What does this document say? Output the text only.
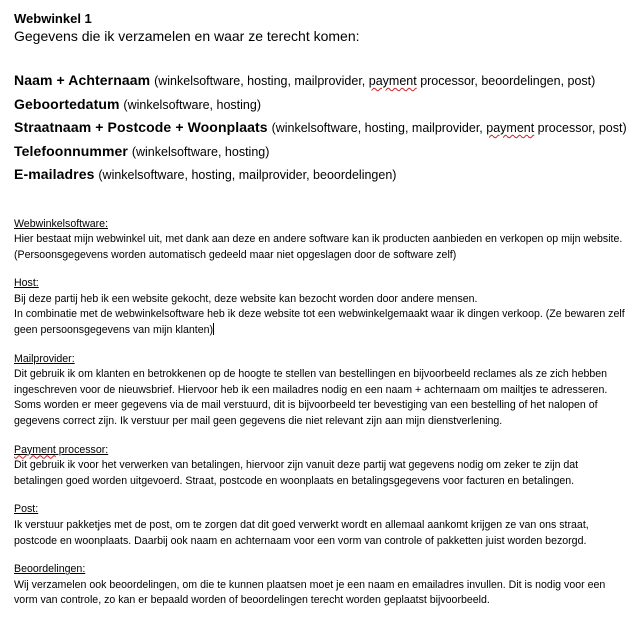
Webwinkel 1

Gegevens die ik verzamelen en waar ze terecht komen:

Naam + Achternaam (winkelsoftware, hosting, mailprovider, payment processor, beoordelingen, post)
Geboortedatum (winkelsoftware, hosting)
Straatnaam + Postcode + Woonplaats (winkelsoftware, hosting, mailprovider, payment processor, post)
Telefoonnummer (winkelsoftware, hosting)
E-mailadres (winkelsoftware, hosting, mailprovider, beoordelingen)
Webwinkelsoftware:

Hier bestaat mijn webwinkel uit, met dank aan deze en andere software kan ik producten aanbieden en verkopen op mijn website. (Persoonsgegevens worden automatisch gedeeld maar niet opgeslagen door de software zelf)

Host:

Bij deze partij heb ik een website gekocht, deze website kan bezocht worden door andere mensen.

In combinatie met de webwinkelsoftware heb ik deze website tot een webwinkelgemaakt waar ik dingen verkoop. (Ze bewaren zelf geen persoonsgegevens van mijn klanten)

Mailprovider:

Dit gebruik ik om klanten en betrokkenen op de hoogte te stellen van bestellingen en bijvoorbeeld reclames als ze zich hebben ingeschreven voor de nieuwsbrief. Hiervoor heb ik een mailadres nodig en een naam + achternaam om mailtjes te adresseren. Soms worden er meer gegevens via de mail verstuurd, dit is bijvoorbeeld ter bevestiging van een bestelling of het nalopen of gegevens correct zijn. Ik verstuur per mail geen gegevens die niet relevant zijn aan mijn dienstverlening.

Payment processor:

Dit gebruik ik voor het verwerken van betalingen, hiervoor zijn vanuit deze partij wat gegevens nodig om zeker te zijn dat betalingen goed worden uitgevoerd. Straat, postcode en woonplaats en betalingsgegevens voor facturen en betalingen.

Post:

Ik verstuur pakketjes met de post, om te zorgen dat dit goed verwerkt wordt en allemaal aankomt krijgen ze van ons straat, postcode en woonplaats. Daarbij ook naam en achternaam voor een vorm van controle of pakketten juist worden bezorgd.

Beoordelingen:

Wij verzamelen ook beoordelingen, om die te kunnen plaatsen moet je een naam en emailadres invullen. Dit is nodig voor een vorm van controle, zo kan er bepaald worden of beoordelingen terecht worden geplaatst bijvoorbeeld.
